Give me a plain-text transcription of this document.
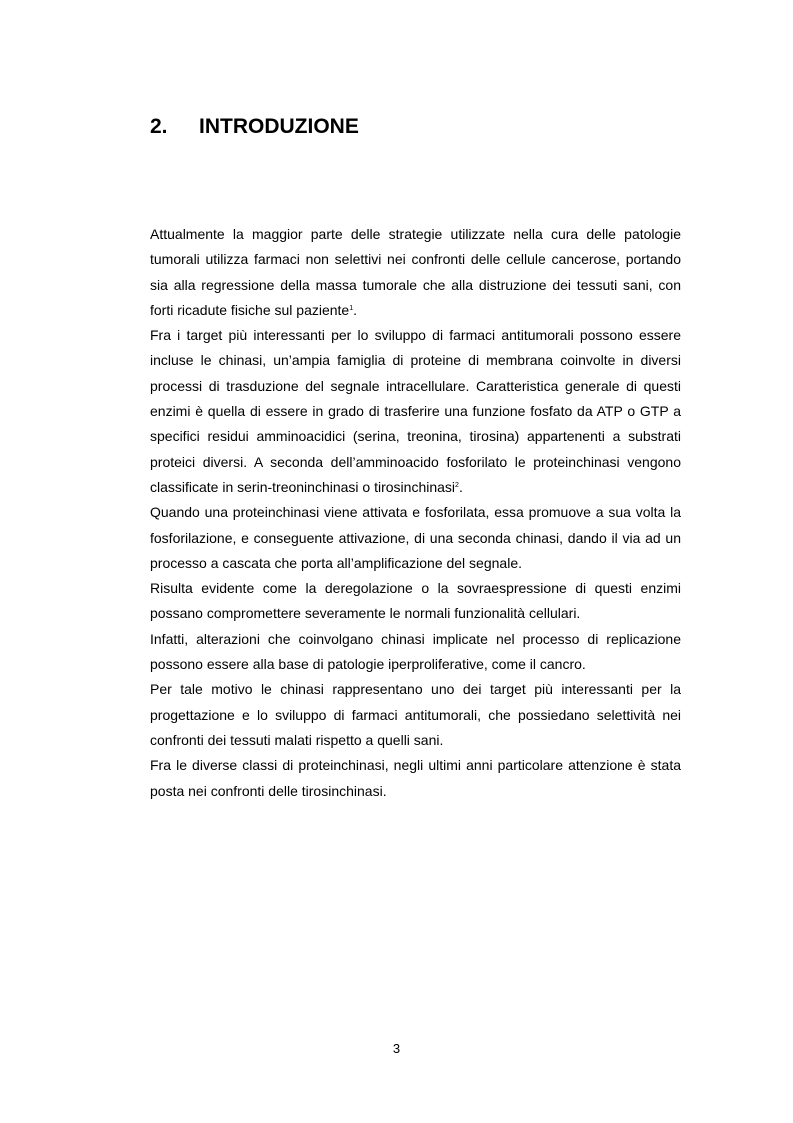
2. INTRODUZIONE

Attualmente la maggior parte delle strategie utilizzate nella cura delle patologie tumorali utilizza farmaci non selettivi nei confronti delle cellule cancerose, portando sia alla regressione della massa tumorale che alla distruzione dei tessuti sani, con forti ricadute fisiche sul paziente$^1$.

Fra i target più interessanti per lo sviluppo di farmaci antitumorali possono essere incluse le chinasi, un’ampia famiglia di proteine di membrana coinvolte in diversi processi di trasduzione del segnale intracellulare. Caratteristica generale di questi enzimi è quella di essere in grado di trasferire una funzione fosfato da ATP o GTP a specifici residui amminoacidici (serina, treonina, tirosina) appartenenti a substrati proteici diversi. A seconda dell’amminoacido fosforilato le proteinchinasi vengono classificate in serin-treoninchinasi o tirosinchinasi$^2$.

Quando una proteinchinasi viene attivata e fosforilata, essa promuove a sua volta la fosforilazione, e conseguente attivazione, di una seconda chinasi, dando il via ad un processo a cascata che porta all’amplificazione del segnale.

Risulta evidente come la deregolazione o la sovraespressione di questi enzimi possano compromettere severamente le normali funzionalità cellulari.

Infatti, alterazioni che coinvolgano chinasi implicate nel processo di replicazione possono essere alla base di patologie iperproliferative, come il cancro.

Per tale motivo le chinasi rappresentano uno dei target più interessanti per la progettazione e lo sviluppo di farmaci antitumorali, che possiedano selettività nei confronti dei tessuti malati rispetto a quelli sani.

Fra le diverse classi di proteinchinasi, negli ultimi anni particolare attenzione è stata posta nei confronti delle tirosinchinasi.

3
